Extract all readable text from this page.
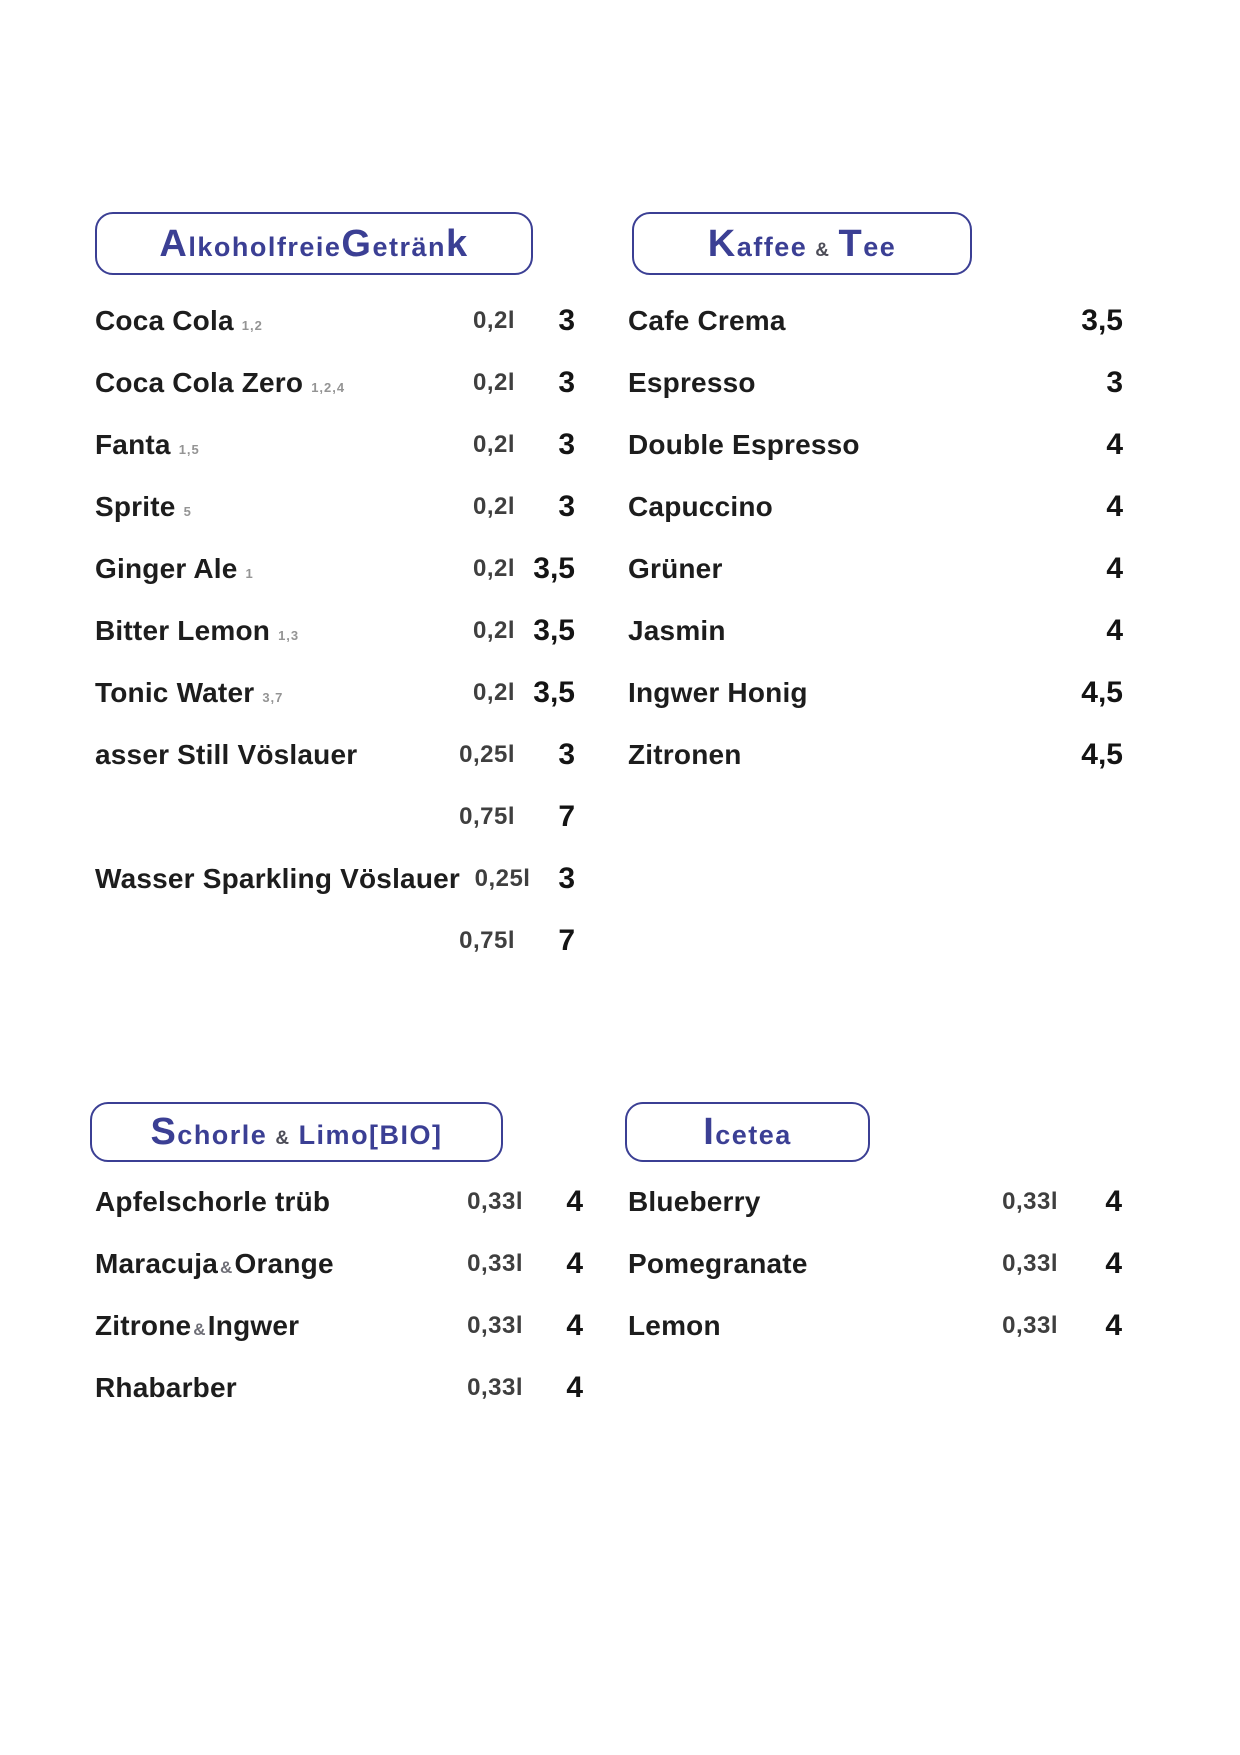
A lkoholfreie G eträn k
Coca Cola 1,2	0,2l	3
Coca Cola Zero 1,2,4	0,2l	3
Fanta 1,5	0,2l	3
Sprite 5	0,2l	3
Ginger Ale 1	0,2l 3,5
Bitter Lemon 1,3	0,2l 3,5
Tonic Water 3,7	0,2l 3,5
asser Still Vöslauer	0,25l	3
0,75l	7
Wasser Sparkling Vöslauer 0,25l 3
0,75l	7
K affee & T ee
Cafe Crema	3,5
Espresso	3
Double Espresso	4
Capuccino	4
Grüner	4
Jasmin	4
Ingwer Honig	4,5
Zitronen	4,5
S chorle & Limo[BIO]
Apfelschorle trüb	0,33l	4
Maracuja & Orange	0,33l	4
Zitrone & Ingwer	0,33l	4
Rhabarber	0,33l	4
I cetea
Blueberry	0,33l	4
Pomegranate	0,33l	4
Lemon	0,33l	4
